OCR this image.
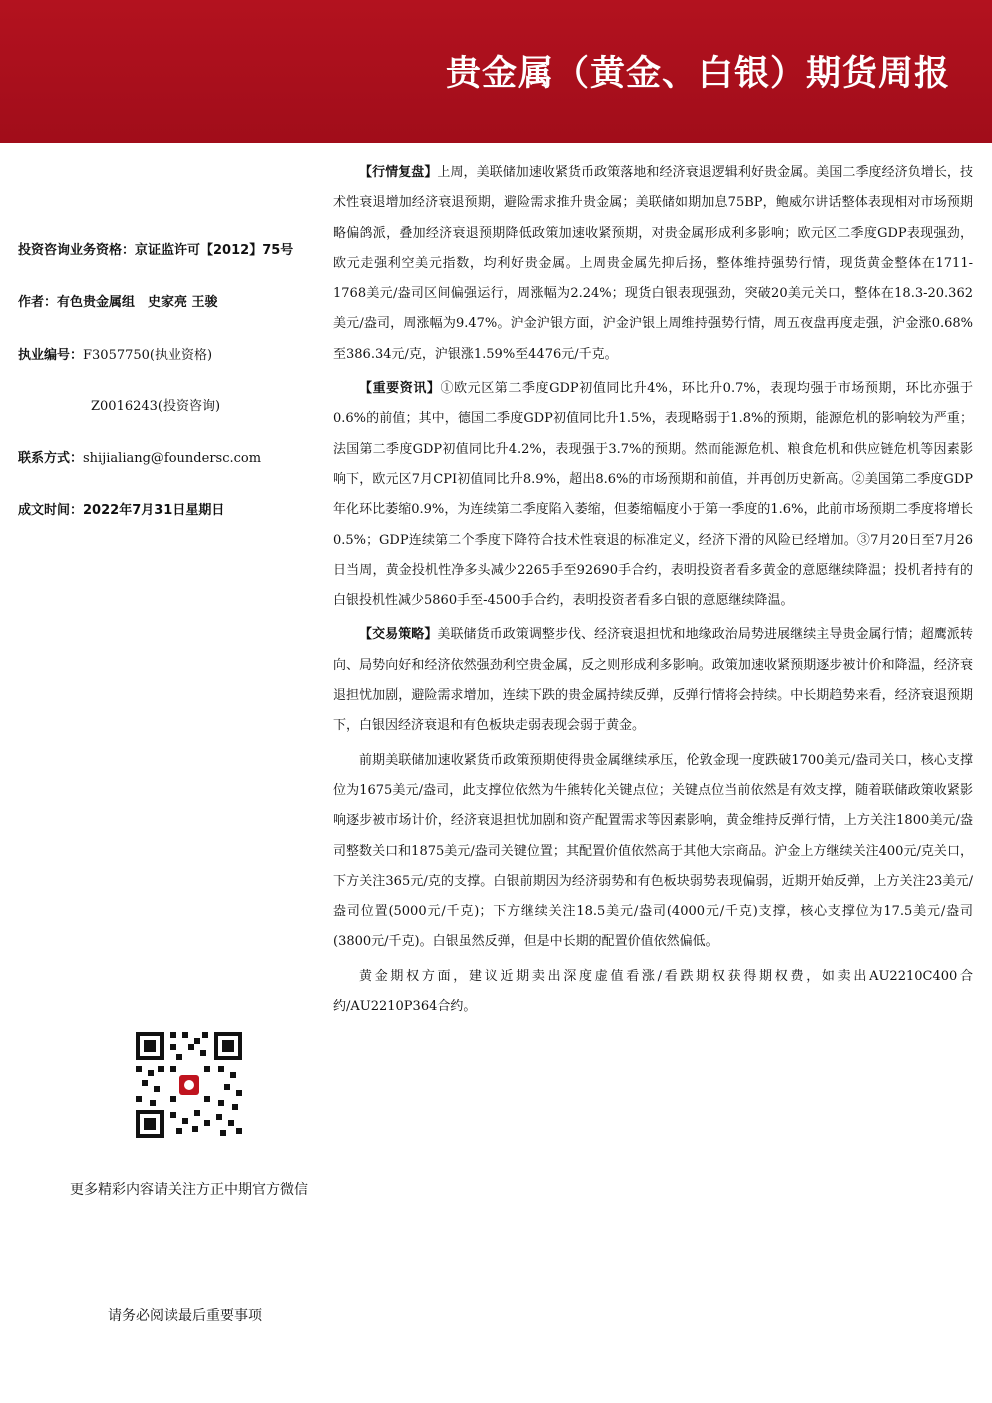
贵金属（黄金、白银）期货周报
投资咨询业务资格：京证监许可【2012】75号
作者：有色贵金属组　史家亮 王骏
执业编号：F3057750(执业资格)
Z0016243(投资咨询)
联系方式：shijialiang@foundersc.com
成文时间：2022年7月31日星期日
更多精彩内容请关注方正中期官方微信
请务必阅读最后重要事项

【行情复盘】上周，美联储加速收紧货币政策落地和经济衰退逻辑利好贵金属。美国二季度经济负增长，技术性衰退增加经济衰退预期，避险需求推升贵金属；美联储如期加息75BP，鲍威尔讲话整体表现相对市场预期略偏鸽派，叠加经济衰退预期降低政策加速收紧预期，对贵金属形成利多影响；欧元区二季度GDP表现强劲，欧元走强利空美元指数，均利好贵金属。上周贵金属先抑后扬，整体维持强势行情，现货黄金整体在1711-1768美元/盎司区间偏强运行，周涨幅为2.24%；现货白银表现强劲，突破20美元关口，整体在18.3-20.362美元/盎司，周涨幅为9.47%。沪金沪银方面，沪金沪银上周维持强势行情，周五夜盘再度走强，沪金涨0.68%至386.34元/克，沪银涨1.59%至4476元/千克。

【重要资讯】①欧元区第二季度GDP初值同比升4%，环比升0.7%，表现均强于市场预期，环比亦强于0.6%的前值；其中，德国二季度GDP初值同比升1.5%，表现略弱于1.8%的预期，能源危机的影响较为严重；法国第二季度GDP初值同比升4.2%，表现强于3.7%的预期。然而能源危机、粮食危机和供应链危机等因素影响下，欧元区7月CPI初值同比升8.9%，超出8.6%的市场预期和前值，并再创历史新高。②美国第二季度GDP年化环比萎缩0.9%，为连续第二季度陷入萎缩，但萎缩幅度小于第一季度的1.6%，此前市场预期二季度将增长0.5%；GDP连续第二个季度下降符合技术性衰退的标准定义，经济下滑的风险已经增加。③7月20日至7月26日当周，黄金投机性净多头减少2265手至92690手合约，表明投资者看多黄金的意愿继续降温；投机者持有的白银投机性减少5860手至-4500手合约，表明投资者看多白银的意愿继续降温。

【交易策略】美联储货币政策调整步伐、经济衰退担忧和地缘政治局势进展继续主导贵金属行情；超鹰派转向、局势向好和经济依然强劲利空贵金属，反之则形成利多影响。政策加速收紧预期逐步被计价和降温，经济衰退担忧加剧，避险需求增加，连续下跌的贵金属持续反弹，反弹行情将会持续。中长期趋势来看，经济衰退预期下，白银因经济衰退和有色板块走弱表现会弱于黄金。

前期美联储加速收紧货币政策预期使得贵金属继续承压，伦敦金现一度跌破1700美元/盎司关口，核心支撑位为1675美元/盎司，此支撑位依然为牛熊转化关键点位；关键点位当前依然是有效支撑，随着联储政策收紧影响逐步被市场计价，经济衰退担忧加剧和资产配置需求等因素影响，黄金维持反弹行情，上方关注1800美元/盎司整数关口和1875美元/盎司关键位置；其配置价值依然高于其他大宗商品。沪金上方继续关注400元/克关口，下方关注365元/克的支撑。白银前期因为经济弱势和有色板块弱势表现偏弱，近期开始反弹，上方关注23美元/盎司位置(5000元/千克)；下方继续关注18.5美元/盎司(4000元/千克)支撑，核心支撑位为17.5美元/盎司(3800元/千克)。白银虽然反弹，但是中长期的配置价值依然偏低。

黄金期权方面，建议近期卖出深度虚值看涨/看跌期权获得期权费，如卖出AU2210C400合约/AU2210P364合约。
